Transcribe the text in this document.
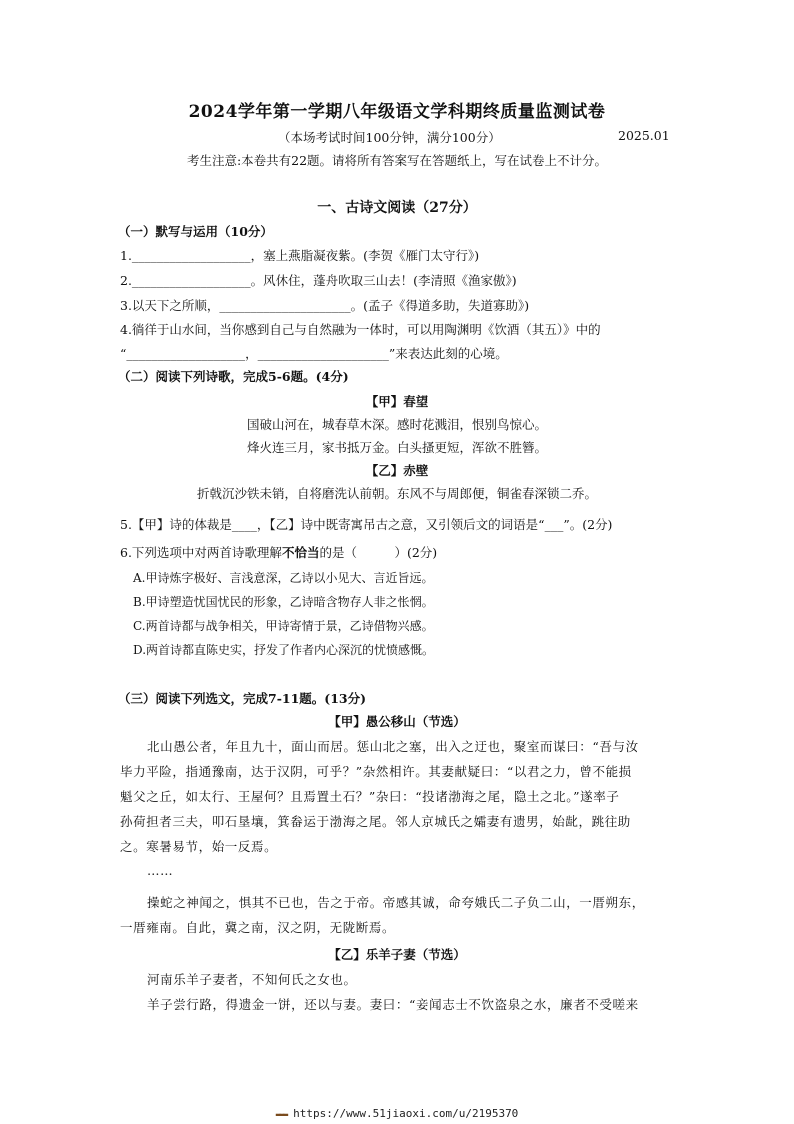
2024学年第一学期八年级语文学科期终质量监测试卷
（本场考试时间100分钟，满分100分）	2025.01
考生注意:本卷共有22题。请将所有答案写在答题纸上，写在试卷上不计分。
一、古诗文阅读（27分）
（一）默写与运用（10分）
1.___________________，塞上燕脂凝夜紫。(李贺《雁门太守行》)
2.___________________。风休住，蓬舟吹取三山去！(李清照《渔家傲》)
3.以天下之所顺，_____________________。(孟子《得道多助，失道寡助》)
4.徜徉于山水间，当你感到自己与自然融为一体时，可以用陶渊明《饮酒（其五）》中的
“___________________，_____________________”来表达此刻的心境。
（二）阅读下列诗歌，完成5-6题。(4分)
【甲】春望
国破山河在，城春草木深。感时花溅泪，恨别鸟惊心。
烽火连三月，家书抵万金。白头搔更短，浑欲不胜簪。
【乙】赤壁
折戟沉沙铁未销，自将磨洗认前朝。东风不与周郎便，铜雀春深锁二乔。
5.【甲】诗的体裁是____，【乙】诗中既寄寓吊古之意，又引领后文的词语是“___”。(2分)
6.下列选项中对两首诗歌理解不恰当的是（　　　）(2分)
A.甲诗炼字极好、言浅意深，乙诗以小见大、言近旨远。
B.甲诗塑造忧国忧民的形象，乙诗暗含物存人非之怅惘。
C.两首诗都与战争相关，甲诗寄情于景，乙诗借物兴感。
D.两首诗都直陈史实，抒发了作者内心深沉的忧愤感慨。
（三）阅读下列选文，完成7-11题。(13分)
【甲】愚公移山（节选）
北山愚公者，年且九十，面山而居。惩山北之塞，出入之迂也，聚室而谋曰：“吾与汝
毕力平险，指通豫南，达于汉阴，可乎？”杂然相许。其妻献疑曰：“以君之力，曾不能损
魁父之丘，如太行、王屋何？且焉置土石？”杂曰：“投诸渤海之尾，隐土之北。”遂率子
孙荷担者三夫，叩石垦壤，箕畚运于渤海之尾。邻人京城氏之孀妻有遗男，始龀，跳往助
之。寒暑易节，始一反焉。
……
操蛇之神闻之，惧其不已也，告之于帝。帝感其诚，命夸娥氏二子负二山，一厝朔东，
一厝雍南。自此，冀之南，汉之阴，无陇断焉。
【乙】乐羊子妻（节选）
河南乐羊子妻者，不知何氏之女也。
羊子尝行路，得遗金一饼，还以与妻。妻曰：“妾闻志士不饮盗泉之水，廉者不受嗟来
▬▬▬ https://www.51jiaoxi.com/u/2195370
